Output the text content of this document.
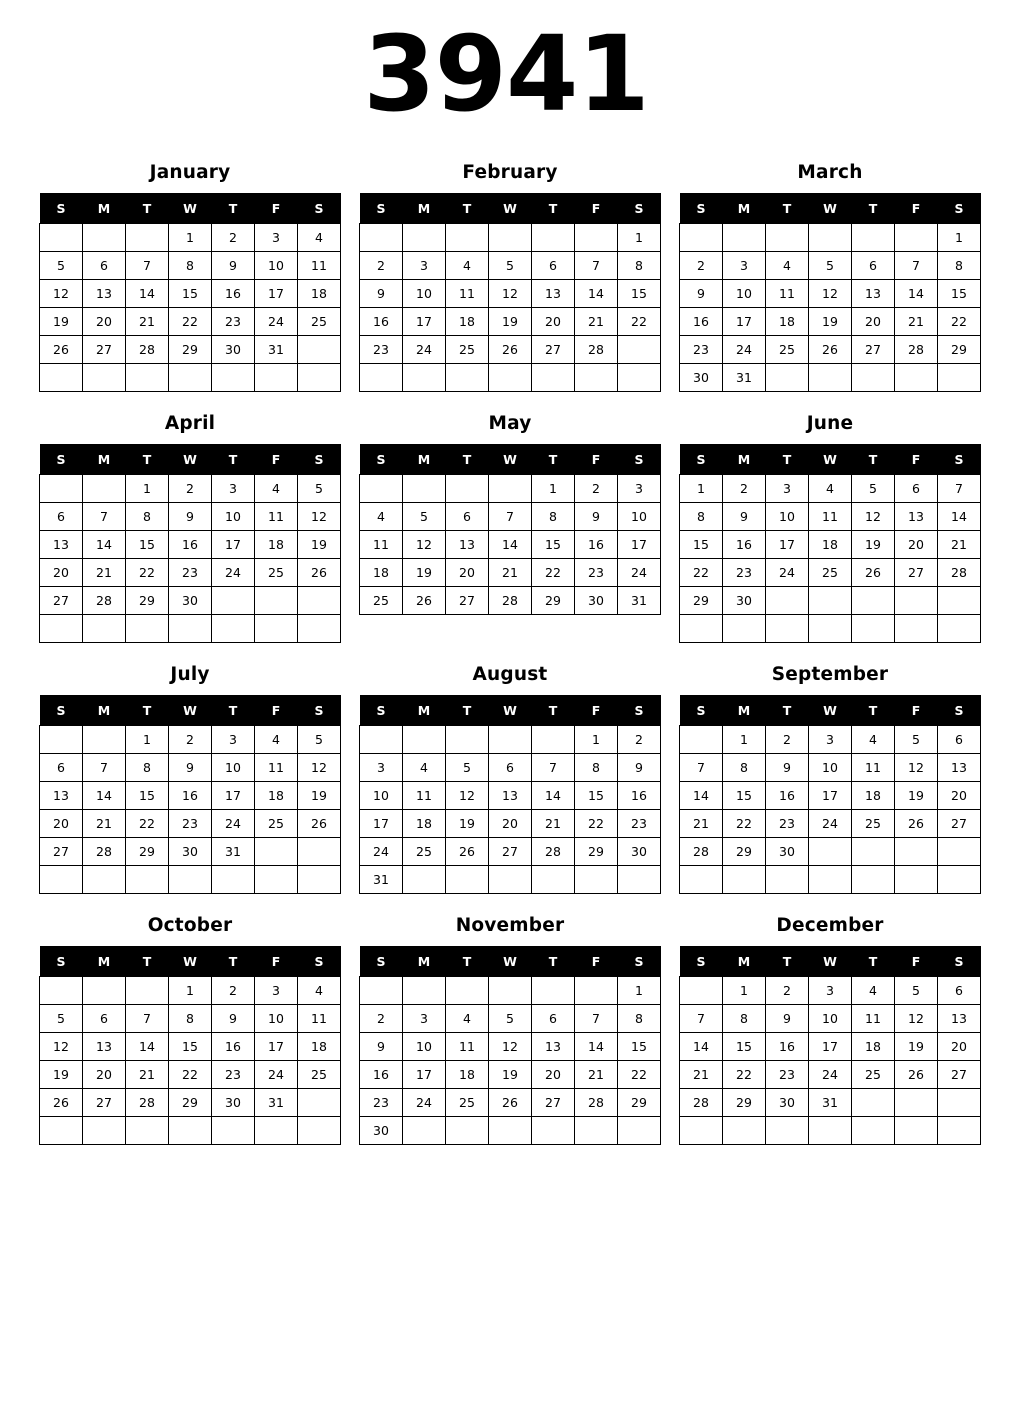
3941
January
S	M	T	W	T	F	S
			1	2	3	4
5	6	7	8	9	10	11
12	13	14	15	16	17	18
19	20	21	22	23	24	25
26	27	28	29	30	31	

February
S	M	T	W	T	F	S
						1
2	3	4	5	6	7	8
9	10	11	12	13	14	15
16	17	18	19	20	21	22
23	24	25	26	27	28	

March
S	M	T	W	T	F	S
						1
2	3	4	5	6	7	8
9	10	11	12	13	14	15
16	17	18	19	20	21	22
23	24	25	26	27	28	29
30	31					
April
S	M	T	W	T	F	S
		1	2	3	4	5
6	7	8	9	10	11	12
13	14	15	16	17	18	19
20	21	22	23	24	25	26
27	28	29	30			

May
S	M	T	W	T	F	S
				1	2	3
4	5	6	7	8	9	10
11	12	13	14	15	16	17
18	19	20	21	22	23	24
25	26	27	28	29	30	31
June
S	M	T	W	T	F	S
1	2	3	4	5	6	7
8	9	10	11	12	13	14
15	16	17	18	19	20	21
22	23	24	25	26	27	28
29	30					

July
S	M	T	W	T	F	S
		1	2	3	4	5
6	7	8	9	10	11	12
13	14	15	16	17	18	19
20	21	22	23	24	25	26
27	28	29	30	31		

August
S	M	T	W	T	F	S
					1	2
3	4	5	6	7	8	9
10	11	12	13	14	15	16
17	18	19	20	21	22	23
24	25	26	27	28	29	30
31						
September
S	M	T	W	T	F	S
	1	2	3	4	5	6
7	8	9	10	11	12	13
14	15	16	17	18	19	20
21	22	23	24	25	26	27
28	29	30				

October
S	M	T	W	T	F	S
			1	2	3	4
5	6	7	8	9	10	11
12	13	14	15	16	17	18
19	20	21	22	23	24	25
26	27	28	29	30	31	

November
S	M	T	W	T	F	S
						1
2	3	4	5	6	7	8
9	10	11	12	13	14	15
16	17	18	19	20	21	22
23	24	25	26	27	28	29
30						
December
S	M	T	W	T	F	S
	1	2	3	4	5	6
7	8	9	10	11	12	13
14	15	16	17	18	19	20
21	22	23	24	25	26	27
28	29	30	31			
